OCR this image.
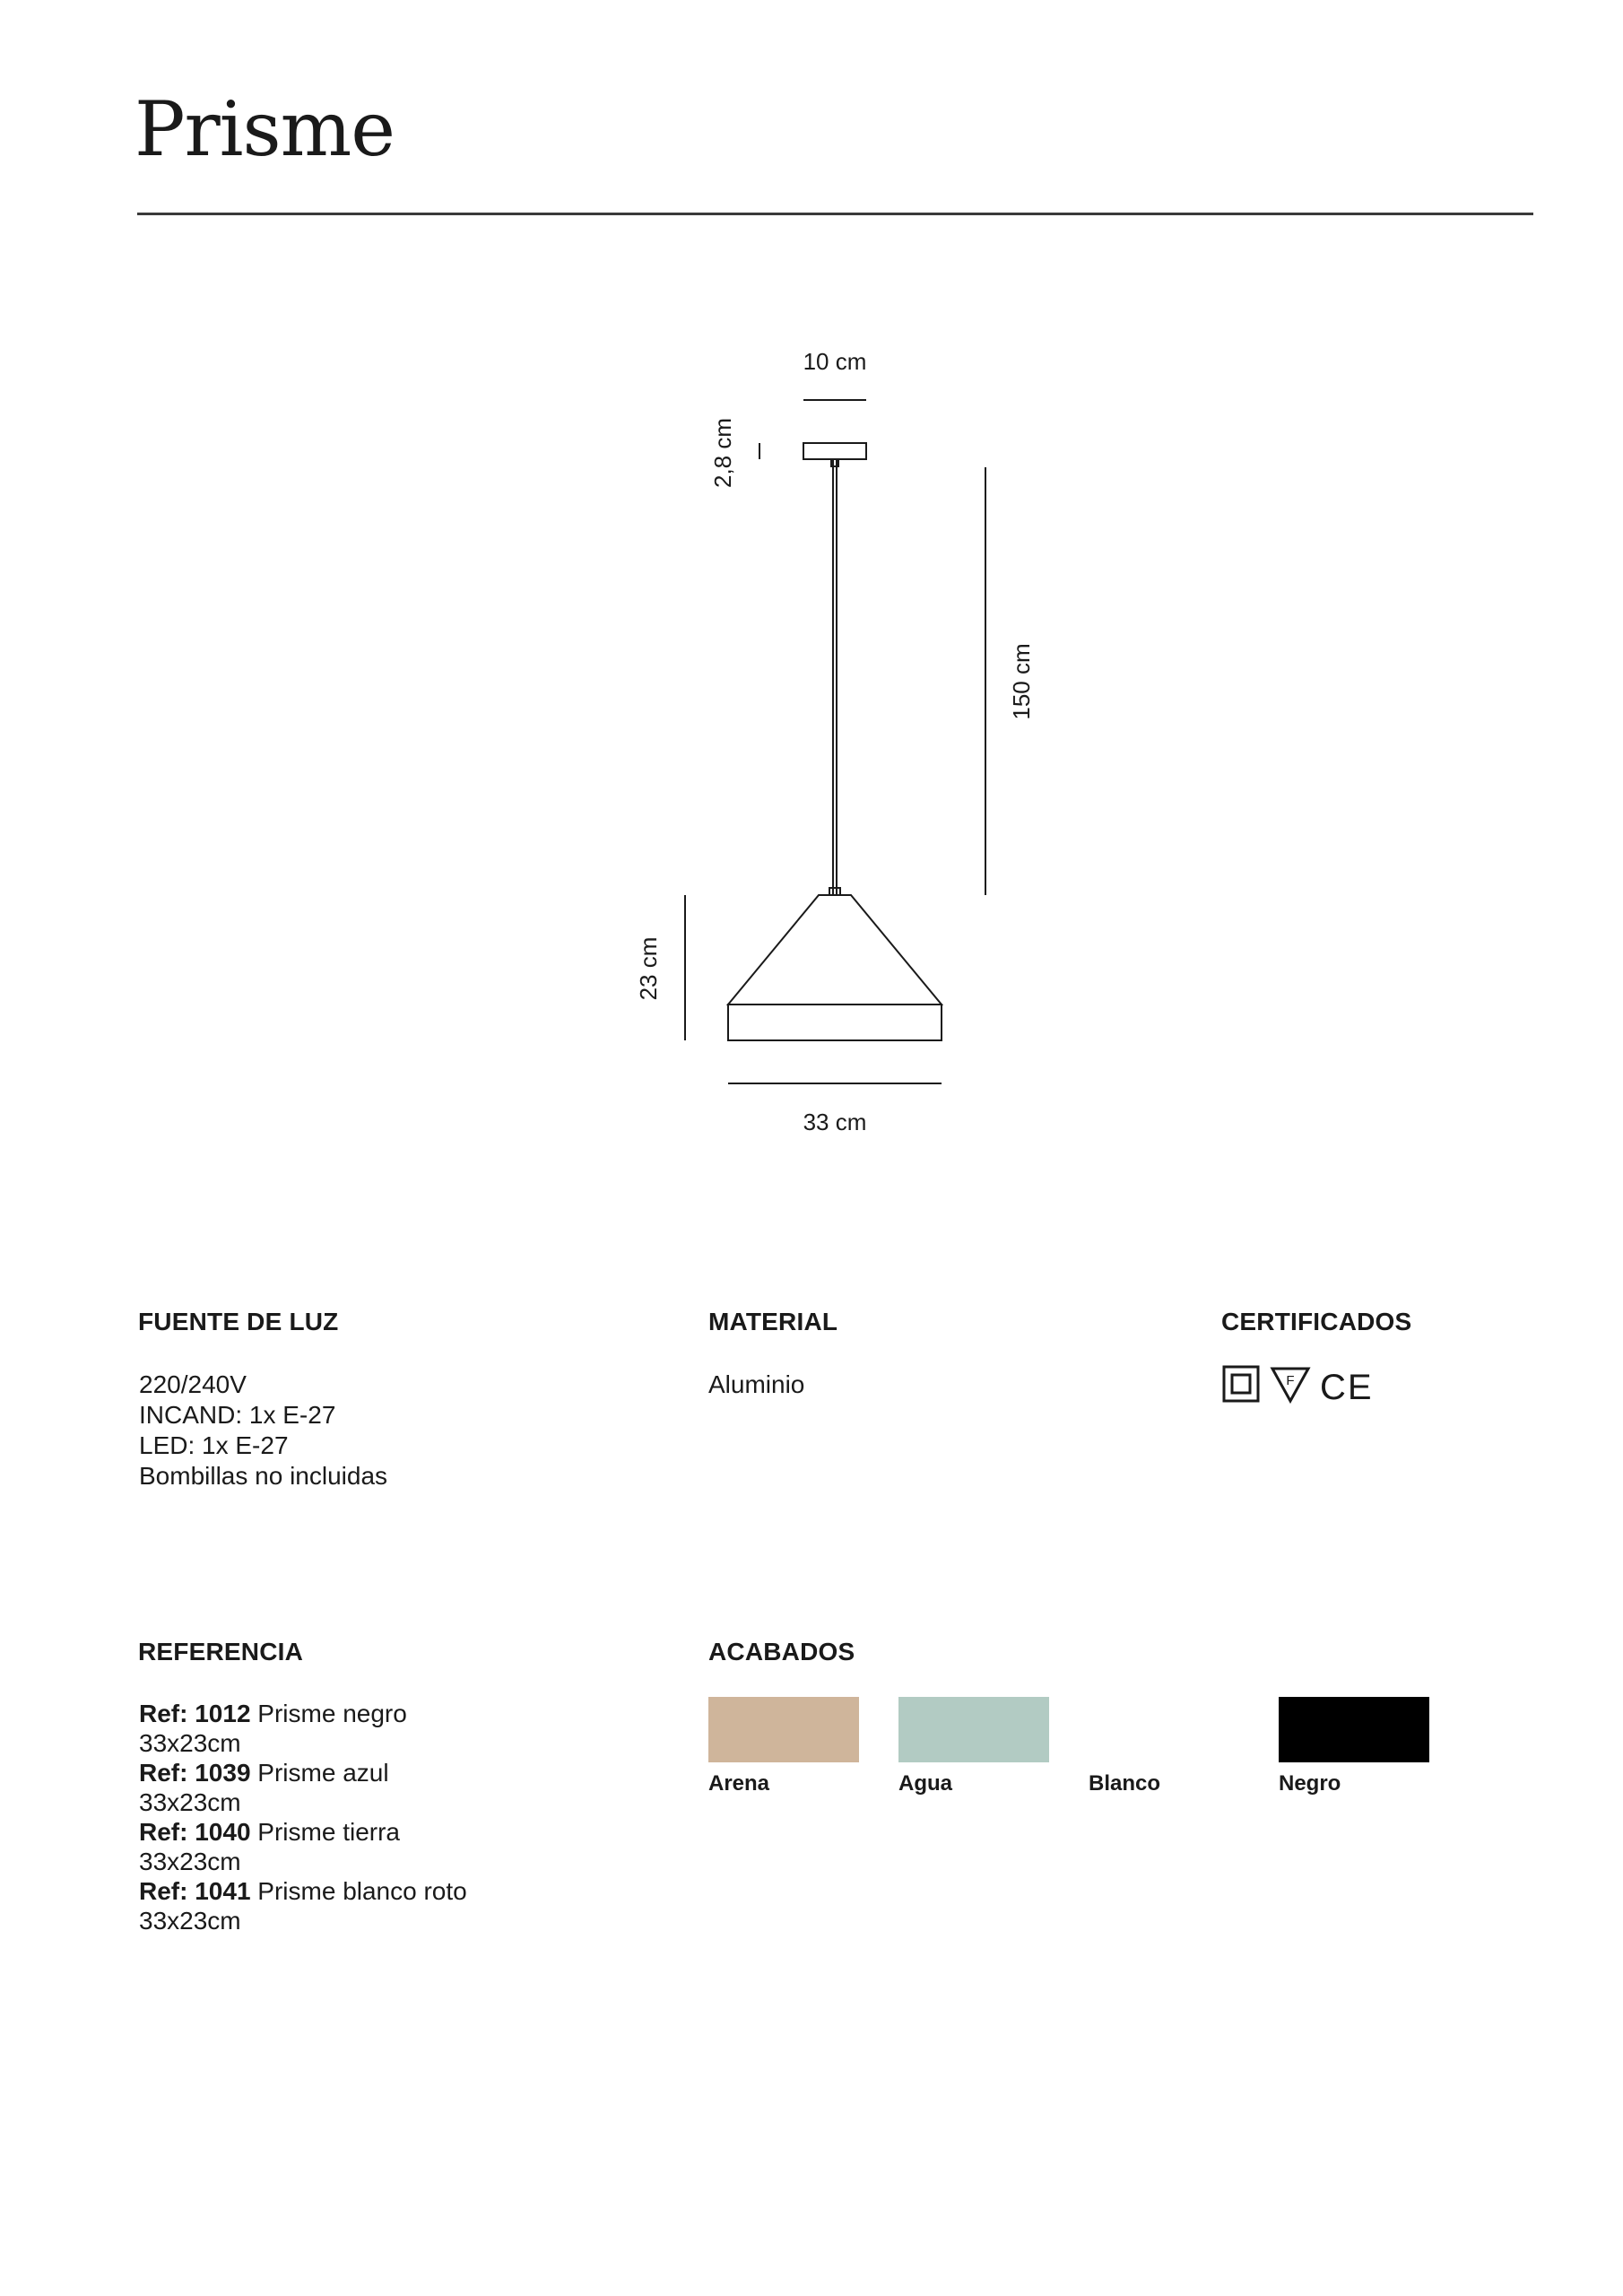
Prisme
10 cm
2,8 cm
150 cm
23 cm
33 cm
FUENTE DE LUZ
220/240V
INCAND: 1x E-27
LED: 1x E-27
Bombillas no incluidas
MATERIAL
Aluminio
CERTIFICADOS
F CE
REFERENCIA
Ref: 1012 Prisme negro
33x23cm
Ref: 1039 Prisme azul
33x23cm
Ref: 1040 Prisme tierra
33x23cm
Ref: 1041 Prisme blanco roto
33x23cm
ACABADOS
Arena	Agua	Blanco	Negro
